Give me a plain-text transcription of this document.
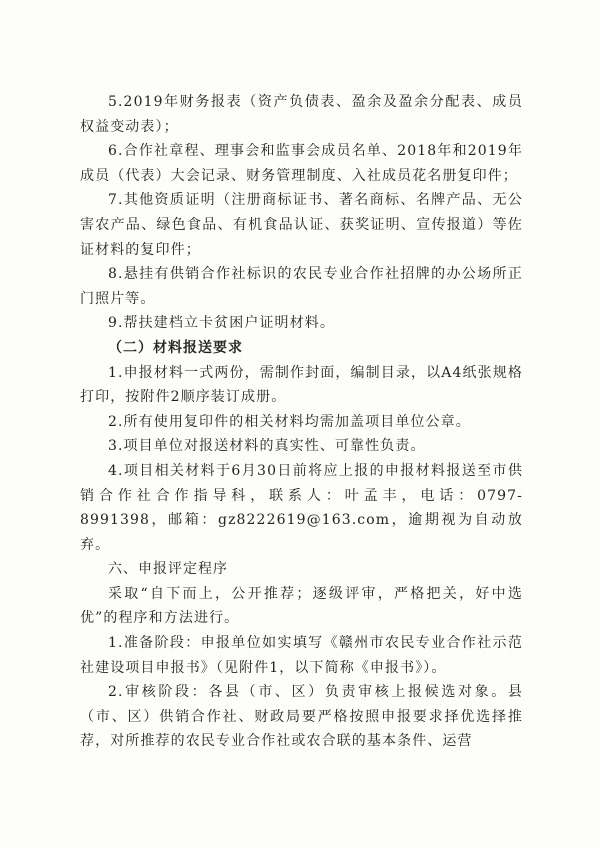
5.2019年财务报表（资产负债表、盈余及盈余分配表、成员权益变动表）；

6.合作社章程、理事会和监事会成员名单、2018年和2019年成员（代表）大会记录、财务管理制度、入社成员花名册复印件；

7.其他资质证明（注册商标证书、著名商标、名牌产品、无公害农产品、绿色食品、有机食品认证、获奖证明、宣传报道）等佐证材料的复印件；

8.悬挂有供销合作社标识的农民专业合作社招牌的办公场所正门照片等。

9.帮扶建档立卡贫困户证明材料。

（二）材料报送要求

1.申报材料一式两份，需制作封面，编制目录，以A4纸张规格打印，按附件2顺序装订成册。

2.所有使用复印件的相关材料均需加盖项目单位公章。

3.项目单位对报送材料的真实性、可靠性负责。

4.项目相关材料于6月30日前将应上报的申报材料报送至市供销合作社合作指导科，联系人：叶孟丰，电话：0797-8991398，邮箱：gz8222619@163.com，逾期视为自动放弃。

六、申报评定程序

采取“自下而上，公开推荐；逐级评审，严格把关，好中选优”的程序和方法进行。

1.准备阶段：申报单位如实填写《赣州市农民专业合作社示范社建设项目申报书》（见附件1，以下简称《申报书》）。

2.审核阶段：各县（市、区）负责审核上报候选对象。县（市、区）供销合作社、财政局要严格按照申报要求择优选择推荐，对所推荐的农民专业合作社或农合联的基本条件、运营
